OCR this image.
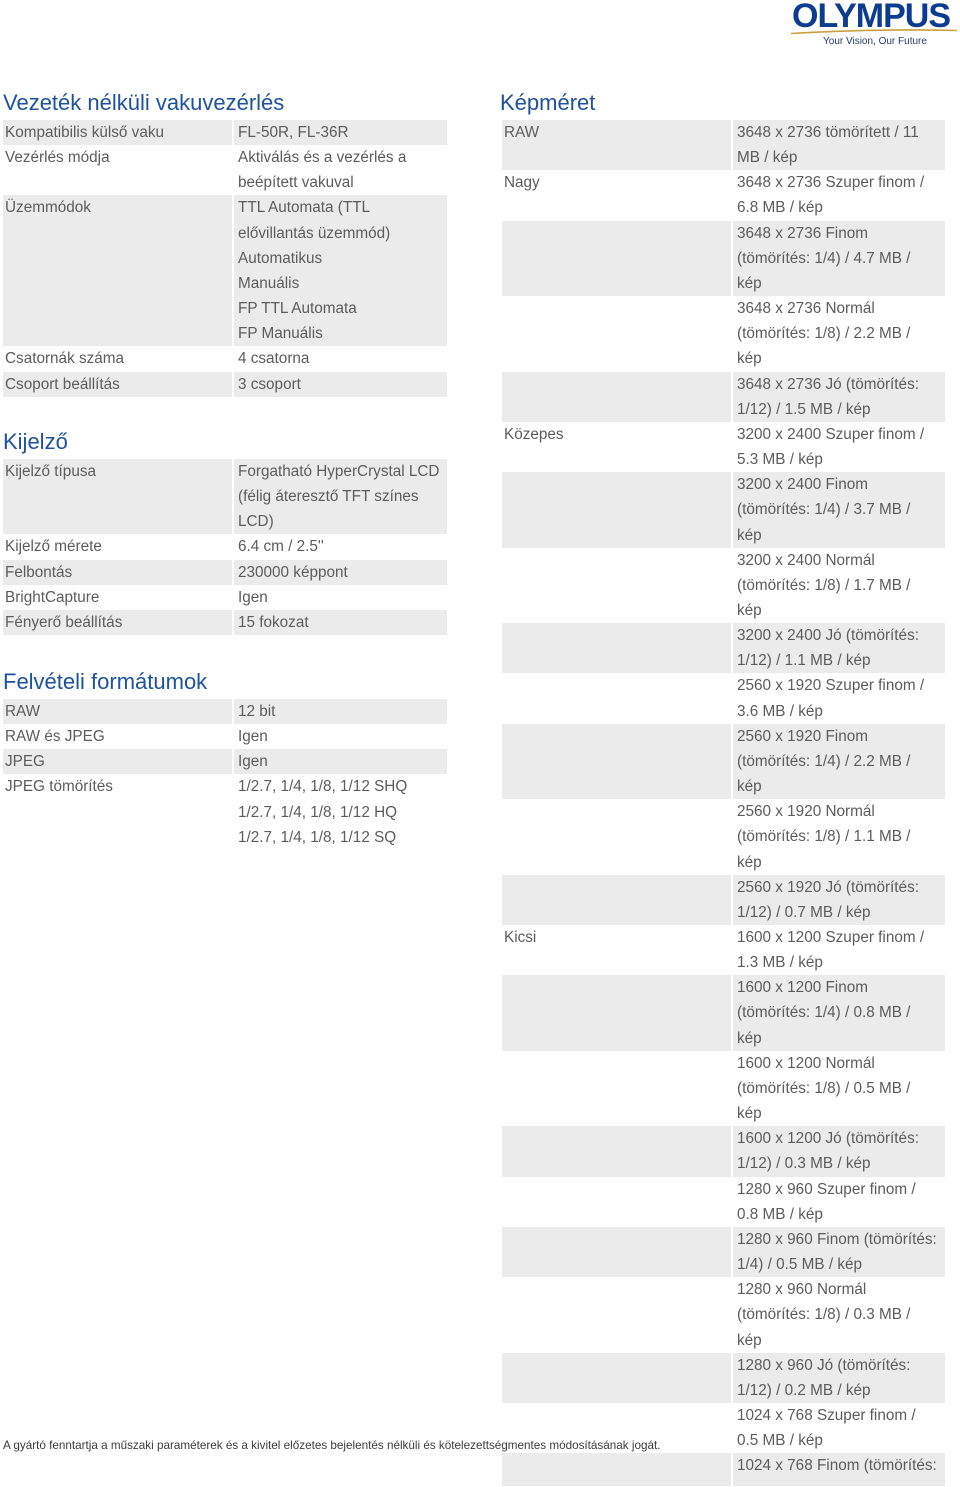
OLYMPUS
Your Vision, Our Future
Vezeték nélküli vakuvezérlés
Kompatibilis külső vaku	FL-50R, FL-36R
Vezérlés módja	Aktiválás és a vezérlés a
beépített vakuval
Üzemmódok	TTL Automata (TTL
elővillantás üzemmód)
Automatikus
Manuális
FP TTL Automata
FP Manuális
Csatornák száma	4 csatorna
Csoport beállítás	3 csoport
Kijelző
Kijelző típusa	Forgatható HyperCrystal LCD
(félig áteresztő TFT színes
LCD)
Kijelző mérete	6.4 cm / 2.5''
Felbontás	230000 képpont
BrightCapture	Igen
Fényerő beállítás	15 fokozat
Felvételi formátumok
RAW	12 bit
RAW és JPEG	Igen
JPEG	Igen
JPEG tömörítés	1/2.7, 1/4, 1/8, 1/12 SHQ
1/2.7, 1/4, 1/8, 1/12 HQ
1/2.7, 1/4, 1/8, 1/12 SQ
Képméret
RAW	3648 x 2736 tömörített / 11
MB / kép
Nagy	3648 x 2736 Szuper finom /
6.8 MB / kép
3648 x 2736 Finom
(tömörítés: 1/4) / 4.7 MB /
kép
3648 x 2736 Normál
(tömörítés: 1/8) / 2.2 MB /
kép
3648 x 2736 Jó (tömörítés:
1/12) / 1.5 MB / kép
Közepes	3200 x 2400 Szuper finom /
5.3 MB / kép
3200 x 2400 Finom
(tömörítés: 1/4) / 3.7 MB /
kép
3200 x 2400 Normál
(tömörítés: 1/8) / 1.7 MB /
kép
3200 x 2400 Jó (tömörítés:
1/12) / 1.1 MB / kép
2560 x 1920 Szuper finom /
3.6 MB / kép
2560 x 1920 Finom
(tömörítés: 1/4) / 2.2 MB /
kép
2560 x 1920 Normál
(tömörítés: 1/8) / 1.1 MB /
kép
2560 x 1920 Jó (tömörítés:
1/12) / 0.7 MB / kép
Kicsi	1600 x 1200 Szuper finom /
1.3 MB / kép
1600 x 1200 Finom
(tömörítés: 1/4) / 0.8 MB /
kép
1600 x 1200 Normál
(tömörítés: 1/8) / 0.5 MB /
kép
1600 x 1200 Jó (tömörítés:
1/12) / 0.3 MB / kép
1280 x 960 Szuper finom /
0.8 MB / kép
1280 x 960 Finom (tömörítés:
1/4) / 0.5 MB / kép
1280 x 960 Normál
(tömörítés: 1/8) / 0.3 MB /
kép
1280 x 960 Jó (tömörítés:
1/12) / 0.2 MB / kép
1024 x 768 Szuper finom /
0.5 MB / kép
1024 x 768 Finom (tömörítés:
A gyártó fenntartja a műszaki paraméterek és a kivitel előzetes bejelentés nélküli és kötelezettségmentes módosításának jogát.
